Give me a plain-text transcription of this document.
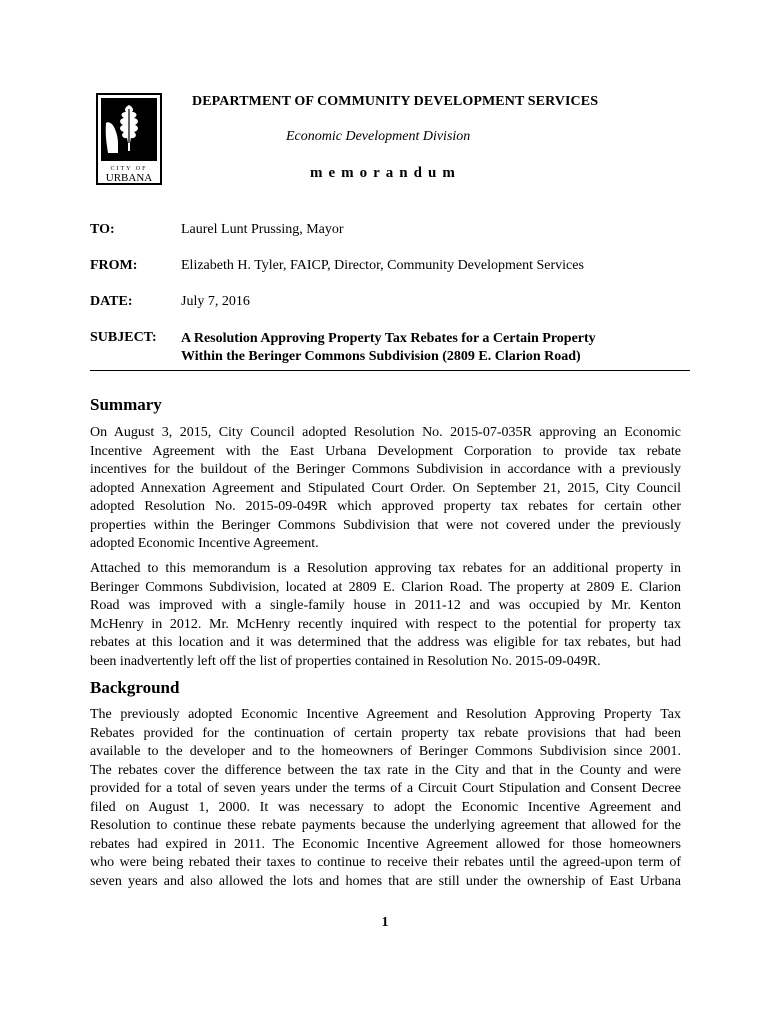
CITY OF
URBANA
DEPARTMENT OF COMMUNITY DEVELOPMENT SERVICES
Economic Development Division
memorandum
TO:	Laurel Lunt Prussing, Mayor
FROM:	Elizabeth H. Tyler, FAICP, Director, Community Development Services
DATE:	July 7, 2016
SUBJECT: A Resolution Approving Property Tax Rebates for a Certain Property
Within the Beringer Commons Subdivision (2809 E. Clarion Road)
Summary
On August 3, 2015, City Council adopted Resolution No. 2015-07-035R approving an Economic
Incentive Agreement with the East Urbana Development Corporation to provide tax rebate
incentives for the buildout of the Beringer Commons Subdivision in accordance with a previously
adopted Annexation Agreement and Stipulated Court Order. On September 21, 2015, City Council
adopted Resolution No. 2015-09-049R which approved property tax rebates for certain other
properties within the Beringer Commons Subdivision that were not covered under the previously
adopted Economic Incentive Agreement.
Attached to this memorandum is a Resolution approving tax rebates for an additional property in
Beringer Commons Subdivision, located at 2809 E. Clarion Road. The property at 2809 E. Clarion
Road was improved with a single-family house in 2011-12 and was occupied by Mr. Kenton
McHenry in 2012. Mr. McHenry recently inquired with respect to the potential for property tax
rebates at this location and it was determined that the address was eligible for tax rebates, but had
been inadvertently left off the list of properties contained in Resolution No. 2015-09-049R.
Background
The previously adopted Economic Incentive Agreement and Resolution Approving Property Tax
Rebates provided for the continuation of certain property tax rebate provisions that had been
available to the developer and to the homeowners of Beringer Commons Subdivision since 2001.
The rebates cover the difference between the tax rate in the City and that in the County and were
provided for a total of seven years under the terms of a Circuit Court Stipulation and Consent Decree
filed on August 1, 2000. It was necessary to adopt the Economic Incentive Agreement and
Resolution to continue these rebate payments because the underlying agreement that allowed for the
rebates had expired in 2011. The Economic Incentive Agreement allowed for those homeowners
who were being rebated their taxes to continue to receive their rebates until the agreed-upon term of
seven years and also allowed the lots and homes that are still under the ownership of East Urbana
1
